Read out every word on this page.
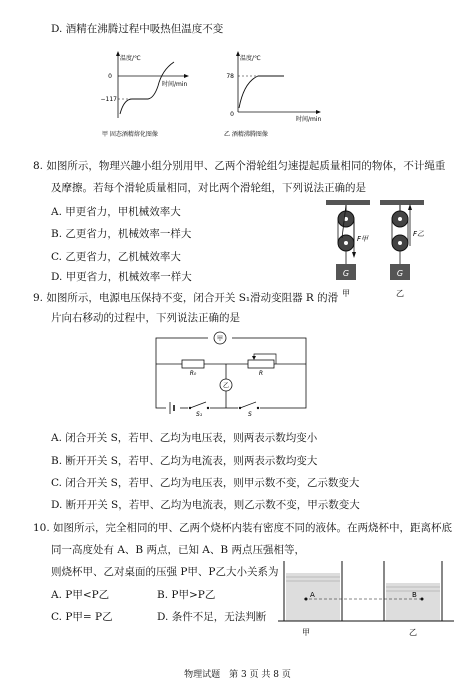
D. 酒精在沸腾过程中吸热但温度不变
温度/℃
0
−117
时间/min
甲 固态酒精熔化图像
温度/℃
78
0
时间/min
乙 酒精沸腾图像
8. 如图所示，物理兴趣小组分别用甲、乙两个滑轮组匀速提起质量相同的物体，不计绳重
及摩擦。若每个滑轮质量相同，对比两个滑轮组，下列说法正确的是
A. 甲更省力，甲机械效率大
B. 乙更省力，机械效率一样大
C. 乙更省力，乙机械效率大
D. 甲更省力，机械效率一样大
F甲
G
甲
F乙
G
乙
9. 如图所示，电源电压保持不变，闭合开关 S₁滑动变阻器 R 的滑
片向右移动的过程中，下列说法正确的是
甲
R₀	R
乙
S₁	S
A. 闭合开关 S，若甲、乙均为电压表，则两表示数均变小
B. 断开开关 S，若甲、乙均为电流表，则两表示数均变大
C. 闭合开关 S，若甲、乙均为电压表，则甲示数不变，乙示数变大
D. 断开开关 S，若甲、乙均为电流表，则乙示数不变，甲示数变大
10. 如图所示，完全相同的甲、乙两个烧杯内装有密度不同的液体。在两烧杯中，距离杯底
同一高度处有 A、B 两点，已知 A、B 两点压强相等，
则烧杯甲、乙对桌面的压强 P甲、P乙大小关系为
A. P甲<P乙	B. P甲>P乙
C. P甲= P乙	D. 条件不足，无法判断
A	B
甲	乙
物理试题　第 3 页 共 8 页
